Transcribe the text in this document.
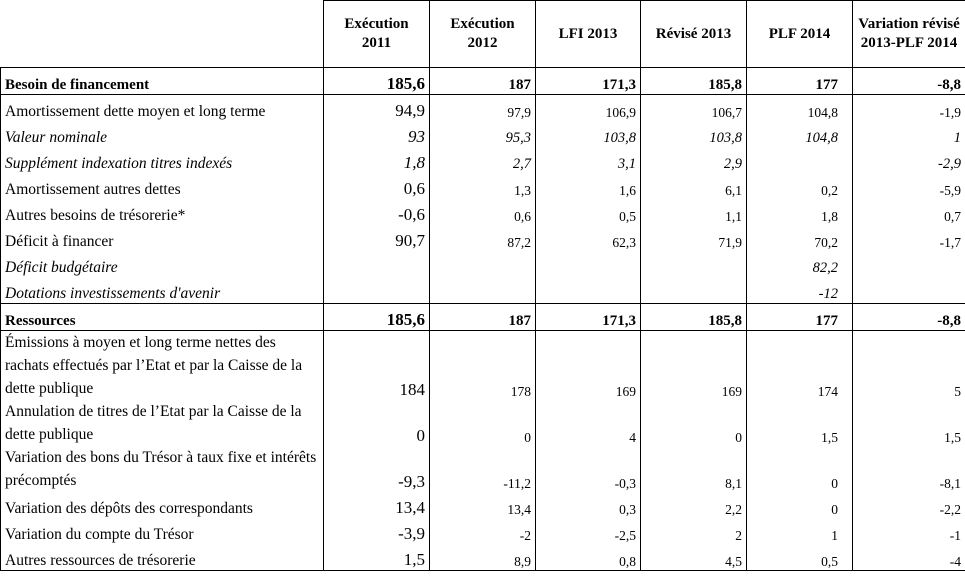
	Exécution 2011	Exécution 2012	LFI 2013	Révisé 2013	PLF 2014	Variation révisé 2013-PLF 2014
Besoin de financement	185,6	187	171,3	185,8	177	-8,8
Amortissement dette moyen et long terme	94,9	97,9	106,9	106,7	104,8	-1,9
Valeur nominale	93	95,3	103,8	103,8	104,8	1
Supplément indexation titres indexés	1,8	2,7	3,1	2,9		-2,9
Amortissement autres dettes	0,6	1,3	1,6	6,1	0,2	-5,9
Autres besoins de trésorerie*	-0,6	0,6	0,5	1,1	1,8	0,7
Déficit à financer	90,7	87,2	62,3	71,9	70,2	-1,7
Déficit budgétaire					82,2	
Dotations investissements d'avenir					-12	
Ressources	185,6	187	171,3	185,8	177	-8,8
Émissions à moyen et long terme nettes des rachats effectués par l’Etat et par la Caisse de la dette publique	184	178	169	169	174	5
Annulation de titres de l’Etat par la Caisse de la dette publique	0	0	4	0	1,5	1,5
Variation des bons du Trésor à taux fixe et intérêts précomptés	-9,3	-11,2	-0,3	8,1	0	-8,1
Variation des dépôts des correspondants	13,4	13,4	0,3	2,2	0	-2,2
Variation du compte du Trésor	-3,9	-2	-2,5	2	1	-1
Autres ressources de trésorerie	1,5	8,9	0,8	4,5	0,5	-4
